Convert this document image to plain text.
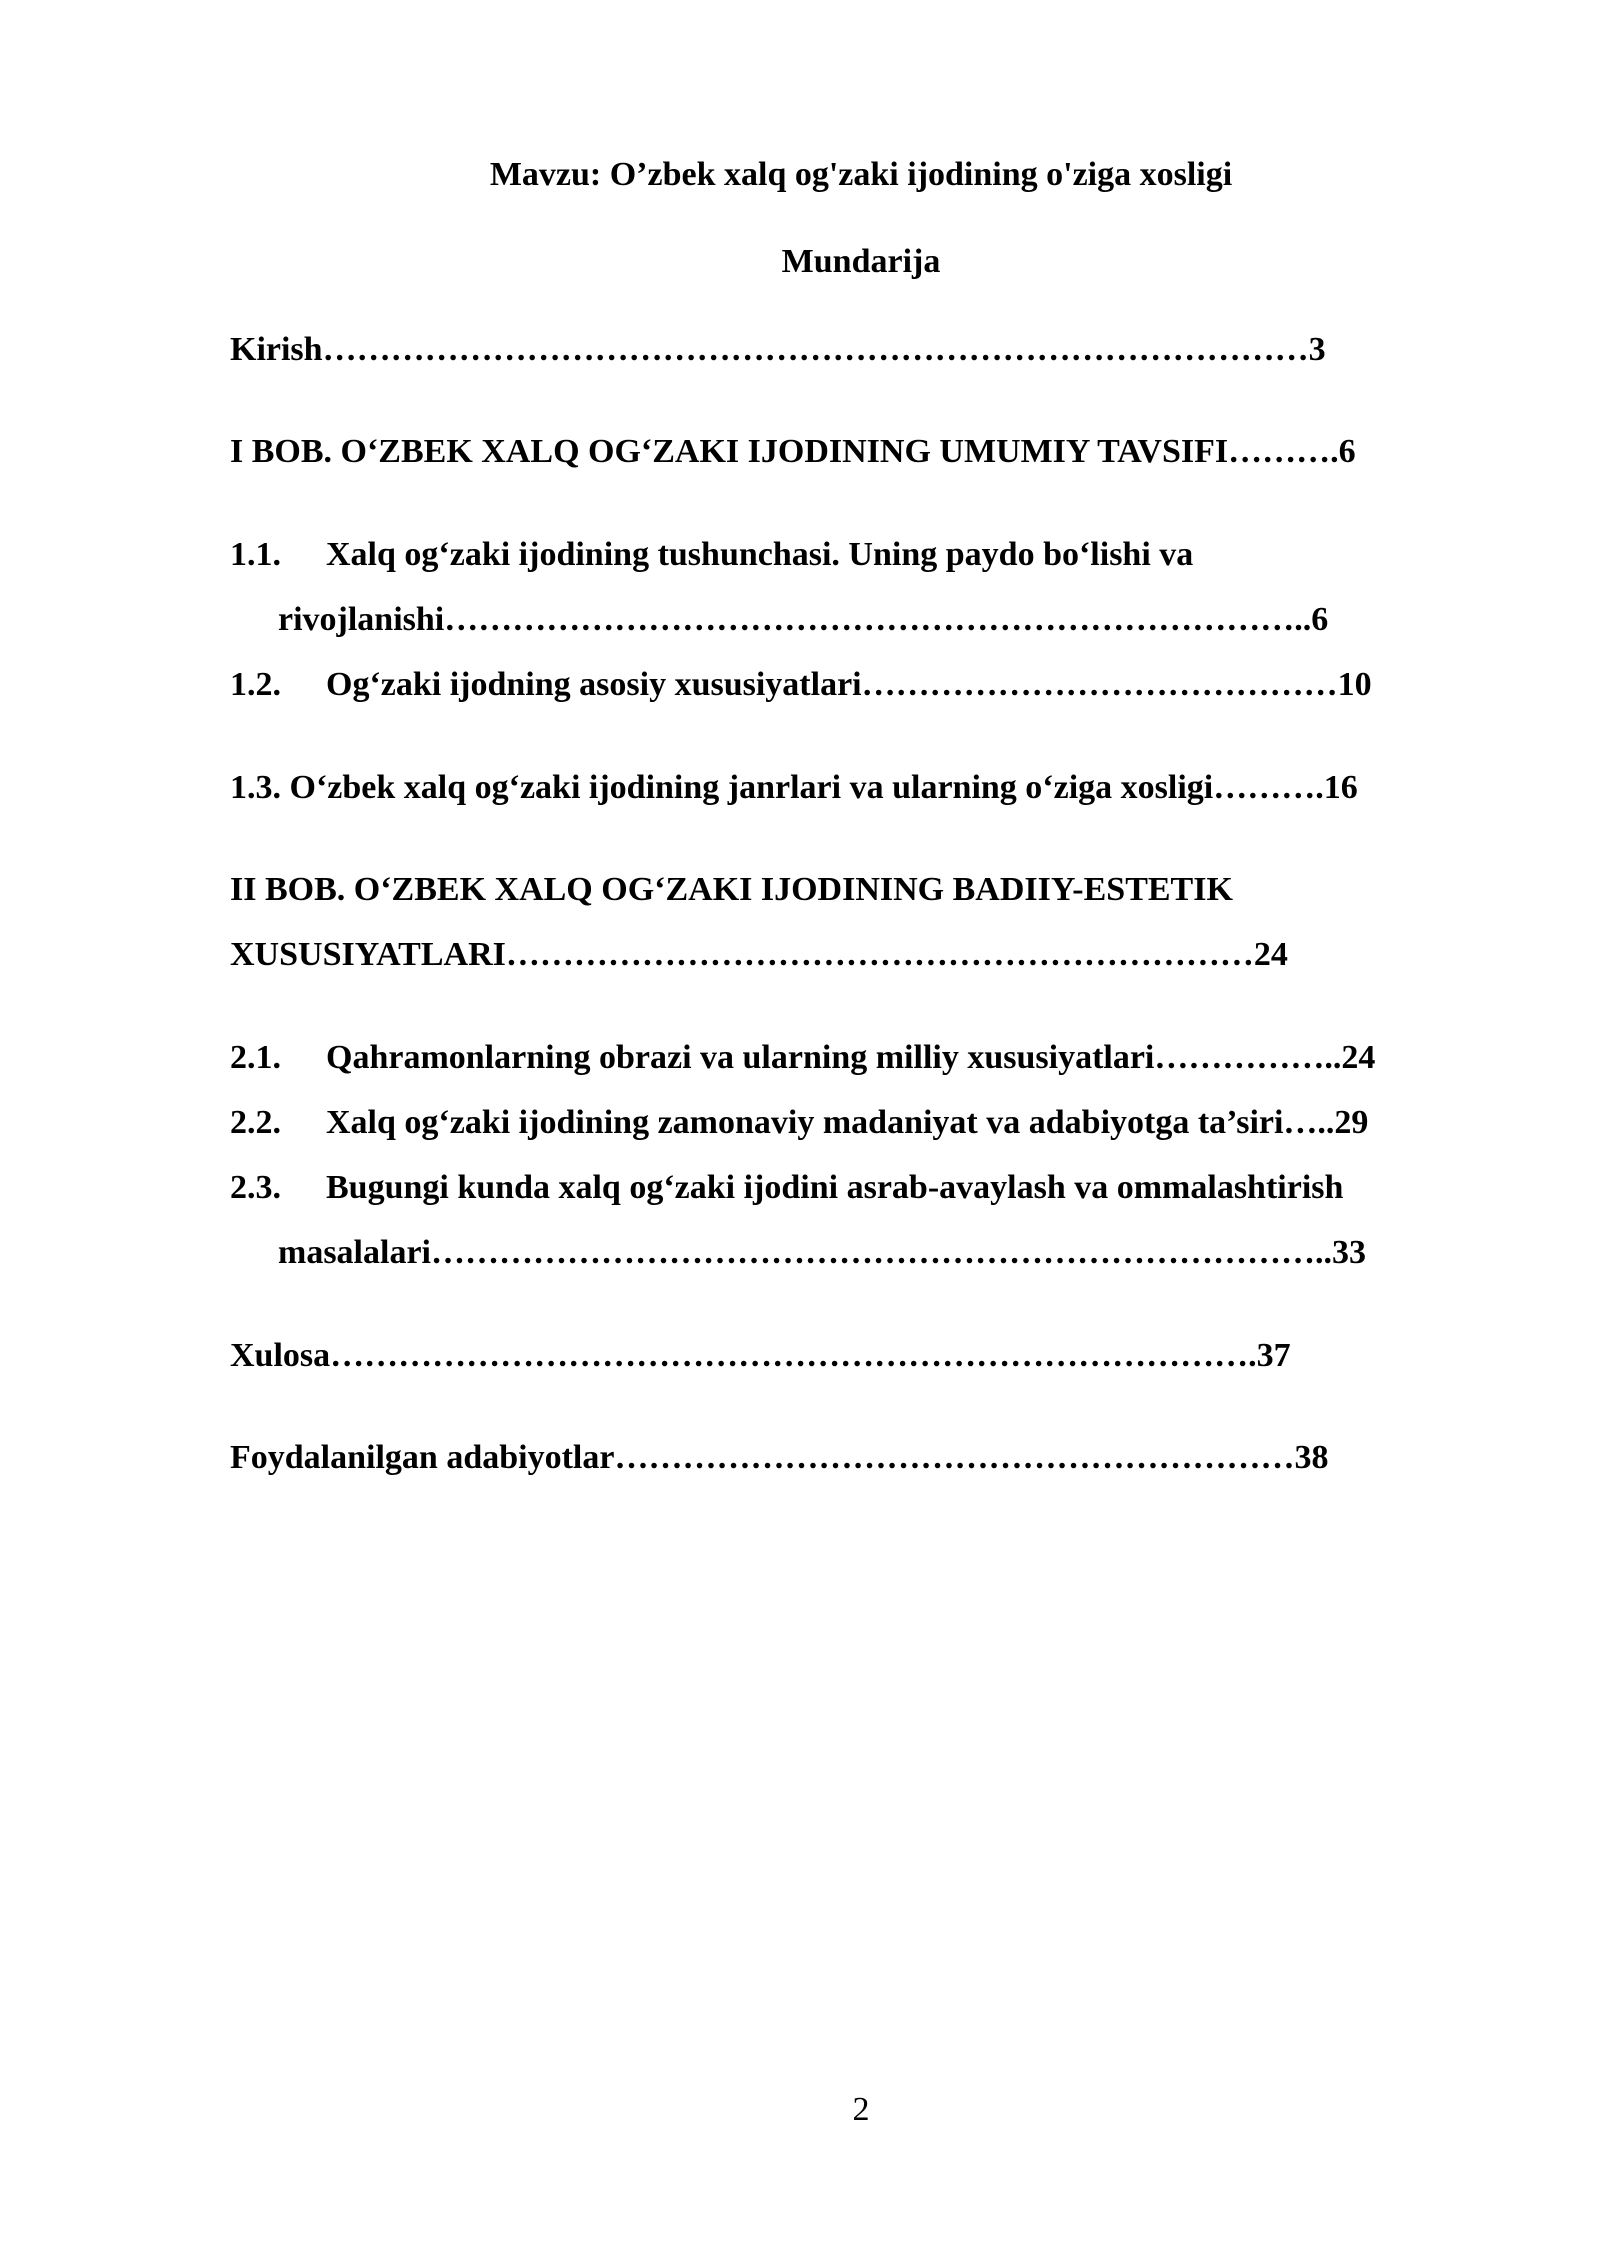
Mavzu: O’zbek xalq og'zaki ijodining o'ziga xosligi
Mundarija
Kirish……………………………………………………………………………3
I BOB. O‘ZBEK XALQ OG‘ZAKI IJODINING UMUMIY TAVSIFI……….6
1.1. Xalq og‘zaki ijodining tushunchasi. Uning paydo bo‘lishi va
rivojlanishi…………………………………………………………………..6
1.2. Og‘zaki ijodning asosiy xususiyatlari……………………………………10
1.3. O‘zbek xalq og‘zaki ijodining janrlari va ularning o‘ziga xosligi……….16
II BOB. O‘ZBEK XALQ OG‘ZAKI IJODINING BADIIY-ESTETIK
XUSUSIYATLARI…………………………………………………………24
2.1. Qahramonlarning obrazi va ularning milliy xususiyatlari……………..24
2.2. Xalq og‘zaki ijodining zamonaviy madaniyat va adabiyotga ta’siri…..29
2.3. Bugungi kunda xalq og‘zaki ijodini asrab-avaylash va ommalashtirish
masalalari……………………………………………………………………..33
Xulosa……………………………………………………………………….37
Foydalanilgan adabiyotlar……………………………………………………38
2
